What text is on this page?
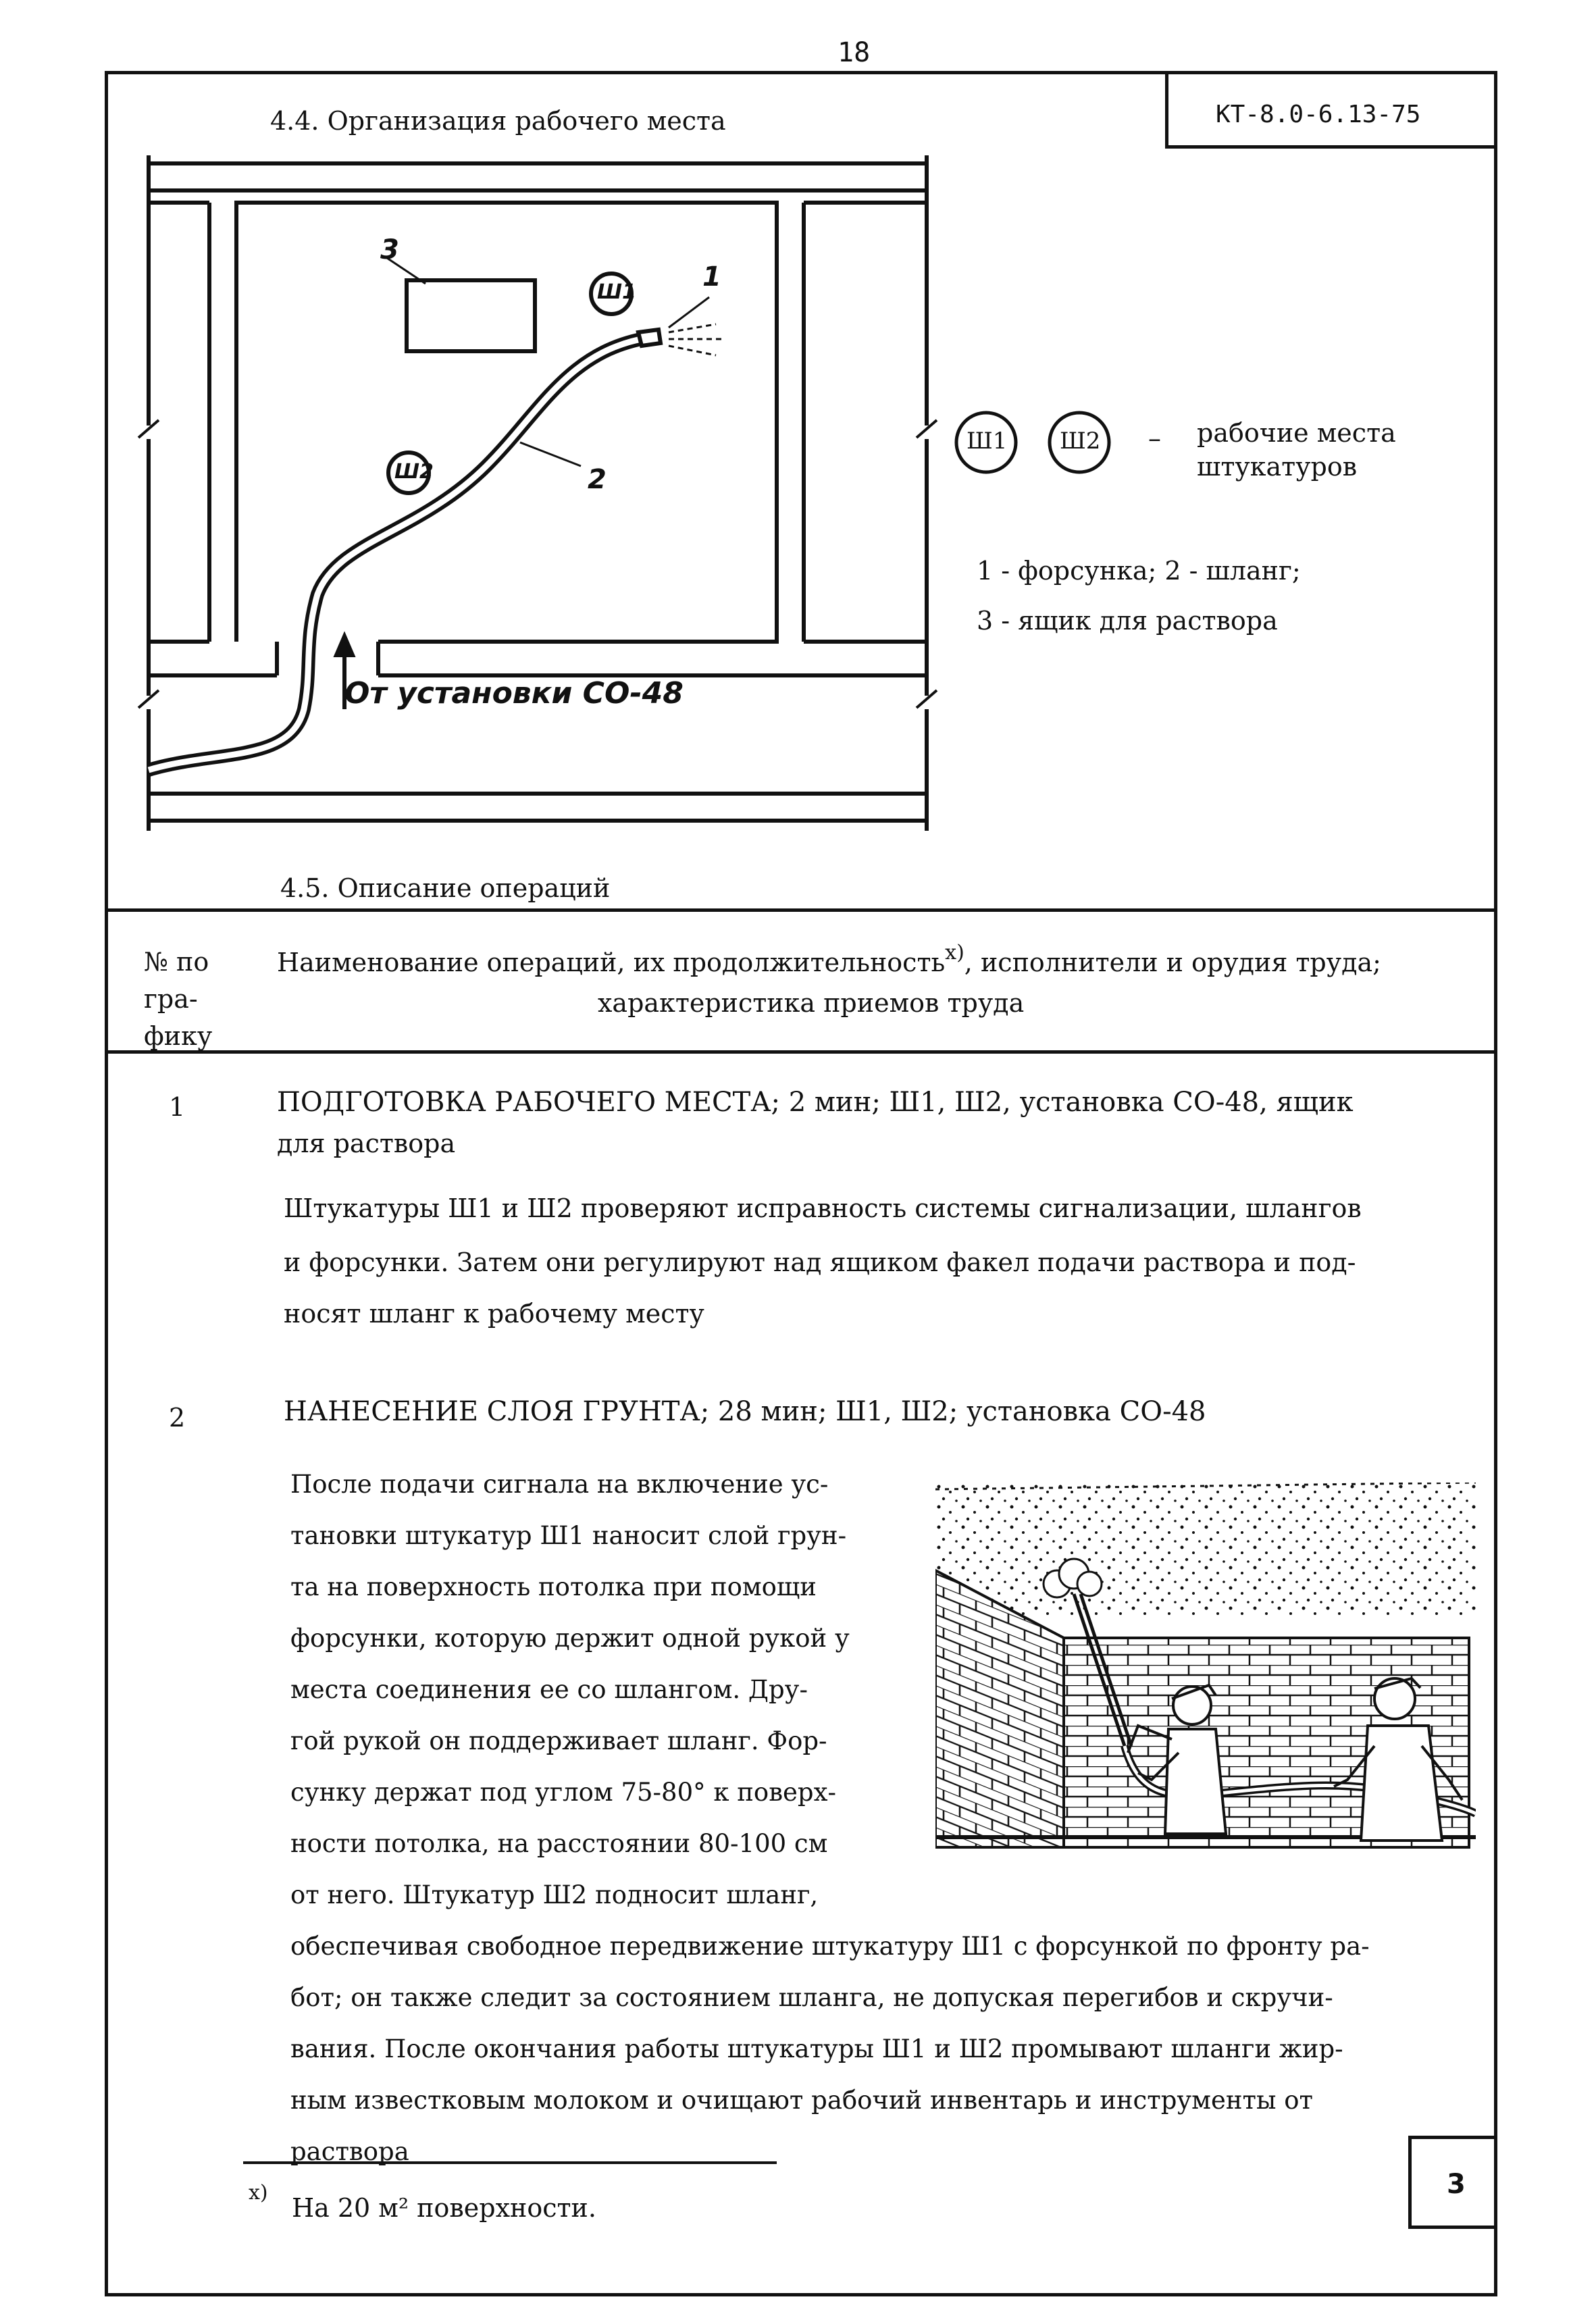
18
КТ-8.0-6.13-75
4.4. Организация рабочего места
3
1
2
Ш1
Ш2
От установки СО-48
Ш1 Ш2 – рабочие места
штукатуров
1 - форсунка; 2 - шланг;
3 - ящик для раствора
4.5. Описание операций
№ по
гра-
фику
Наименование операций, их продолжительность$^{х)}$, исполнители и орудия труда;
характеристика приемов труда
1	ПОДГОТОВКА РАБОЧЕГО МЕСТА; 2 мин; Ш1, Ш2, установка СО-48, ящик
для раствора
Штукатуры Ш1 и Ш2 проверяют исправность системы сигнализации, шлангов
и форсунки. Затем они регулируют над ящиком факел подачи раствора и под-
носят шланг к рабочему месту
2	НАНЕСЕНИЕ СЛОЯ ГРУНТА; 28 мин; Ш1, Ш2; установка СО-48

После подачи сигнала на включение ус-

тановки штукатур Ш1 наносит слой грун-

та на поверхность потолка при помощи

форсунки, которую держит одной рукой у

места соединения ее со шлангом. Дру-

гой рукой он поддерживает шланг. Фор-

сунку держат под углом 75-80° к поверх-

ности потолка, на расстоянии 80-100 см

от него. Штукатур Ш2 подносит шланг,

обеспечивая свободное передвижение штукатуру Ш1 с форсункой по фронту ра-

бот; он также следит за состоянием шланга, не допуская перегибов и скручи-

вания. После окончания работы штукатуры Ш1 и Ш2 промывают шланги жир-

ным известковым молоком и очищают рабочий инвентарь и инструменты от

раствора

х)
На 20 м² поверхности.
3
